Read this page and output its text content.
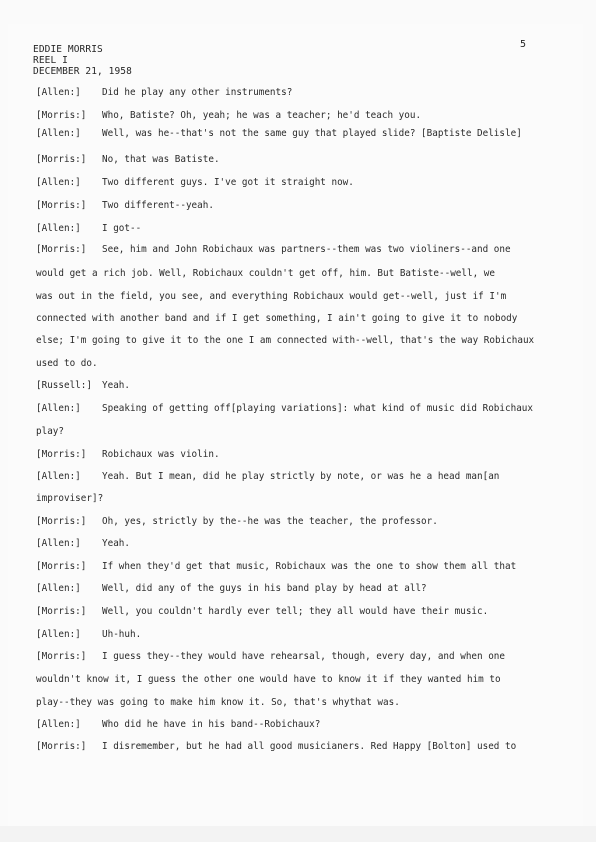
EDDIE MORRIS
REEL I
DECEMBER 21, 1958
5
[Allen:] Did he play any other instruments?
[Morris:] Who, Batiste? Oh, yeah; he was a teacher; he'd teach you.
[Allen:] Well, was he--that's not the same guy that played slide? [Baptiste Delisle]
[Morris:] No, that was Batiste.
[Allen:] Two different guys. I've got it straight now.
[Morris:] Two different--yeah.
[Allen:] I got--
[Morris:] See, him and John Robichaux was partners--them was two violiners--and one
would get a rich job. Well, Robichaux couldn't get off, him. But Batiste--well, we
was out in the field, you see, and everything Robichaux would get--well, just if I'm
connected with another band and if I get something, I ain't going to give it to nobody
else; I'm going to give it to the one I am connected with--well, that's the way Robichaux
used to do.
[Russell:] Yeah.
[Allen:] Speaking of getting off[playing variations]: what kind of music did Robichaux
play?
[Morris:] Robichaux was violin.
[Allen:] Yeah. But I mean, did he play strictly by note, or was he a head man[an
improviser]?
[Morris:] Oh, yes, strictly by the--he was the teacher, the professor.
[Allen:] Yeah.
[Morris:] If when they'd get that music, Robichaux was the one to show them all that
[Allen:] Well, did any of the guys in his band play by head at all?
[Morris:] Well, you couldn't hardly ever tell; they all would have their music.
[Allen:] Uh-huh.
[Morris:] I guess they--they would have rehearsal, though, every day, and when one
wouldn't know it, I guess the other one would have to know it if they wanted him to
play--they was going to make him know it. So, that's whythat was.
[Allen:] Who did he have in his band--Robichaux?
[Morris:] I disremember, but he had all good musicianers. Red Happy [Bolton] used to
